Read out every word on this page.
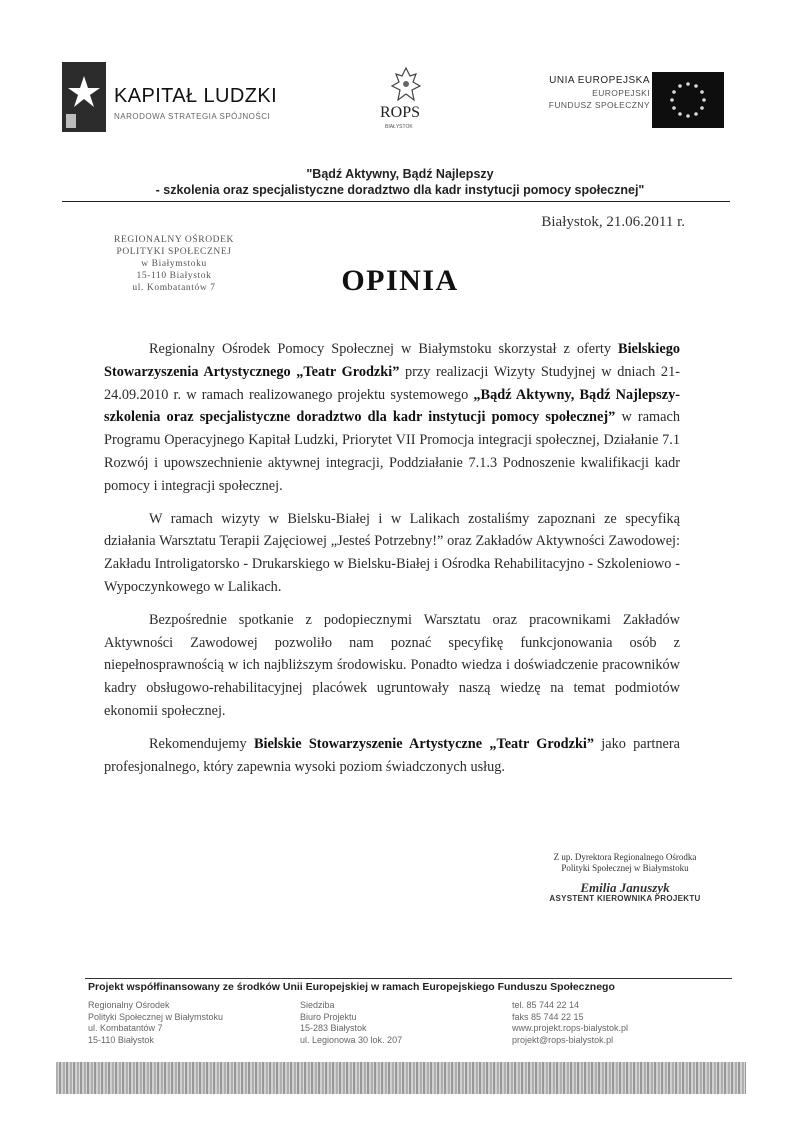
KAPITAŁ LUDZKI
NARODOWA STRATEGIA SPÓJNOŚCI	ROPS
BIAŁYSTOK
UNIA EUROPEJSKA
EUROPEJSKI
FUNDUSZ SPOŁECZNY
"Bądź Aktywny, Bądź Najlepszy
- szkolenia oraz specjalistyczne doradztwo dla kadr instytucji pomocy społecznej"
Białystok, 21.06.2011 r.
REGIONALNY OŚRODEK
POLITYKI SPOŁECZNEJ
w Białymstoku
15-110 Białystok
ul. Kombatantów 7	OPINIA

Regionalny Ośrodek Pomocy Społecznej w Białymstoku skorzystał z oferty Bielskiego Stowarzyszenia Artystycznego „Teatr Grodzki” przy realizacji Wizyty Studyjnej w dniach 21-24.09.2010 r. w ramach realizowanego projektu systemowego „Bądź Aktywny, Bądź Najlepszy- szkolenia oraz specjalistyczne doradztwo dla kadr instytucji pomocy społecznej” w ramach Programu Operacyjnego Kapitał Ludzki, Priorytet VII Promocja integracji społecznej, Działanie 7.1 Rozwój i upowszechnienie aktywnej integracji, Poddziałanie 7.1.3 Podnoszenie kwalifikacji kadr pomocy i integracji społecznej.

W ramach wizyty w Bielsku-Białej i w Lalikach zostaliśmy zapoznani ze specyfiką działania Warsztatu Terapii Zajęciowej „Jesteś Potrzebny!” oraz Zakładów Aktywności Zawodowej: Zakładu Introligatorsko - Drukarskiego w Bielsku-Białej i Ośrodka Rehabilitacyjno - Szkoleniowo - Wypoczynkowego w Lalikach.

Bezpośrednie spotkanie z podopiecznymi Warsztatu oraz pracownikami Zakładów Aktywności Zawodowej pozwoliło nam poznać specyfikę funkcjonowania osób z niepełnosprawnością w ich najbliższym środowisku. Ponadto wiedza i doświadczenie pracowników kadry obsługowo-rehabilitacyjnej placówek ugruntowały naszą wiedzę na temat podmiotów ekonomii społecznej.

Rekomendujemy Bielskie Stowarzyszenie Artystyczne „Teatr Grodzki” jako partnera profesjonalnego, który zapewnia wysoki poziom świadczonych usług.

Z up. Dyrektora Regionalnego Ośrodka
Polityki Społecznej w Białymstoku
Emilia Januszyk
ASYSTENT KIEROWNIKA PROJEKTU
Projekt współfinansowany ze środków Unii Europejskiej w ramach Europejskiego Funduszu Społecznego
Regionalny Ośrodek
Polityki Społecznej w Białymstoku
ul. Kombatantów 7
15-110 Białystok
Siedziba
Biuro Projektu
15-283 Białystok
ul. Legionowa 30 lok. 207
tel. 85 744 22 14
faks 85 744 22 15
www.projekt.rops-bialystok.pl
projekt@rops-bialystok.pl
